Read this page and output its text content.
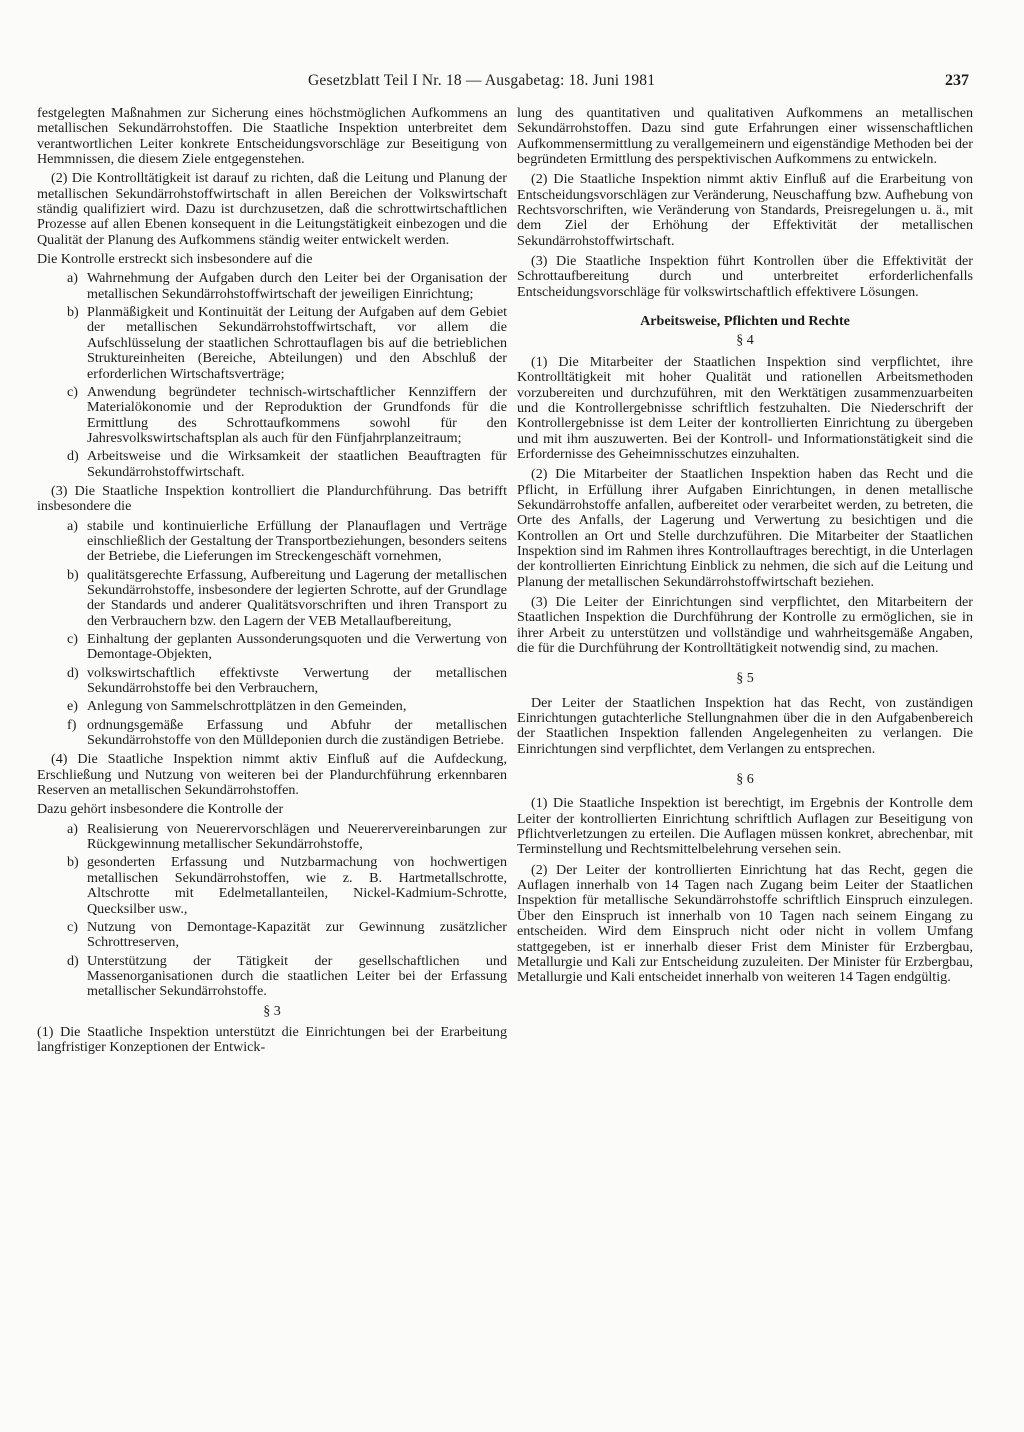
Gesetzblatt Teil I Nr. 18 — Ausgabetag: 18. Juni 1981	237

festgelegten Maßnahmen zur Sicherung eines höchstmöglichen Aufkommens an metallischen Sekundärrohstoffen. Die Staatliche Inspektion unterbreitet dem verantwortlichen Leiter konkrete Entscheidungsvorschläge zur Beseitigung von Hemmnissen, die diesem Ziele entgegenstehen.

(2) Die Kontrolltätigkeit ist darauf zu richten, daß die Leitung und Planung der metallischen Sekundärrohstoffwirtschaft in allen Bereichen der Volkswirtschaft ständig qualifiziert wird. Dazu ist durchzusetzen, daß die schrottwirtschaftlichen Prozesse auf allen Ebenen konsequent in die Leitungstätigkeit einbezogen und die Qualität der Planung des Aufkommens ständig weiter entwickelt werden.

Die Kontrolle erstreckt sich insbesondere auf die

a) Wahrnehmung der Aufgaben durch den Leiter bei der Organisation der metallischen Sekundärrohstoffwirtschaft der jeweiligen Einrichtung;
b) Planmäßigkeit und Kontinuität der Leitung der Aufgaben auf dem Gebiet der metallischen Sekundärrohstoffwirtschaft, vor allem die Aufschlüsselung der staatlichen Schrottauflagen bis auf die betrieblichen Struktureinheiten (Bereiche, Abteilungen) und den Abschluß der erforderlichen Wirtschaftsverträge;
c) Anwendung begründeter technisch-wirtschaftlicher Kennziffern der Materialökonomie und der Reproduktion der Grundfonds für die Ermittlung des Schrottaufkommens sowohl für den Jahresvolkswirtschaftsplan als auch für den Fünfjahrplanzeitraum;
d) Arbeitsweise und die Wirksamkeit der staatlichen Beauftragten für Sekundärrohstoffwirtschaft.

(3) Die Staatliche Inspektion kontrolliert die Plandurchführung. Das betrifft insbesondere die

a) stabile und kontinuierliche Erfüllung der Planauflagen und Verträge einschließlich der Gestaltung der Transportbeziehungen, besonders seitens der Betriebe, die Lieferungen im Streckengeschäft vornehmen,
b) qualitätsgerechte Erfassung, Aufbereitung und Lagerung der metallischen Sekundärrohstoffe, insbesondere der legierten Schrotte, auf der Grundlage der Standards und anderer Qualitätsvorschriften und ihren Transport zu den Verbrauchern bzw. den Lagern der VEB Metallaufbereitung,
c) Einhaltung der geplanten Aussonderungsquoten und die Verwertung von Demontage-Objekten,
d) volkswirtschaftlich effektivste Verwertung der metallischen Sekundärrohstoffe bei den Verbrauchern,
e) Anlegung von Sammelschrottplätzen in den Gemeinden,
f) ordnungsgemäße Erfassung und Abfuhr der metallischen Sekundärrohstoffe von den Mülldeponien durch die zuständigen Betriebe.

(4) Die Staatliche Inspektion nimmt aktiv Einfluß auf die Aufdeckung, Erschließung und Nutzung von weiteren bei der Plandurchführung erkennbaren Reserven an metallischen Sekundärrohstoffen.

Dazu gehört insbesondere die Kontrolle der

a) Realisierung von Neuerervorschlägen und Neuerervereinbarungen zur Rückgewinnung metallischer Sekundärrohstoffe,
b) gesonderten Erfassung und Nutzbarmachung von hochwertigen metallischen Sekundärrohstoffen, wie z. B. Hartmetallschrotte, Altschrotte mit Edelmetallanteilen, Nickel-Kadmium-Schrotte, Quecksilber usw.,
c) Nutzung von Demontage-Kapazität zur Gewinnung zusätzlicher Schrottreserven,
d) Unterstützung der Tätigkeit der gesellschaftlichen und Massenorganisationen durch die staatlichen Leiter bei der Erfassung metallischer Sekundärrohstoffe.
§ 3

(1) Die Staatliche Inspektion unterstützt die Einrichtungen bei der Erarbeitung langfristiger Konzeptionen der Entwick-

lung des quantitativen und qualitativen Aufkommens an metallischen Sekundärrohstoffen. Dazu sind gute Erfahrungen einer wissenschaftlichen Aufkommensermittlung zu verallgemeinern und eigenständige Methoden bei der begründeten Ermittlung des perspektivischen Aufkommens zu entwickeln.

(2) Die Staatliche Inspektion nimmt aktiv Einfluß auf die Erarbeitung von Entscheidungsvorschlägen zur Veränderung, Neuschaffung bzw. Aufhebung von Rechtsvorschriften, wie Veränderung von Standards, Preisregelungen u. ä., mit dem Ziel der Erhöhung der Effektivität der metallischen Sekundärrohstoffwirtschaft.

(3) Die Staatliche Inspektion führt Kontrollen über die Effektivität der Schrottaufbereitung durch und unterbreitet erforderlichenfalls Entscheidungsvorschläge für volkswirtschaftlich effektivere Lösungen.

Arbeitsweise, Pflichten und Rechte
§ 4

(1) Die Mitarbeiter der Staatlichen Inspektion sind verpflichtet, ihre Kontrolltätigkeit mit hoher Qualität und rationellen Arbeitsmethoden vorzubereiten und durchzuführen, mit den Werktätigen zusammenzuarbeiten und die Kontrollergebnisse schriftlich festzuhalten. Die Niederschrift der Kontrollergebnisse ist dem Leiter der kontrollierten Einrichtung zu übergeben und mit ihm auszuwerten. Bei der Kontroll- und Informationstätigkeit sind die Erfordernisse des Geheimnisschutzes einzuhalten.

(2) Die Mitarbeiter der Staatlichen Inspektion haben das Recht und die Pflicht, in Erfüllung ihrer Aufgaben Einrichtungen, in denen metallische Sekundärrohstoffe anfallen, aufbereitet oder verarbeitet werden, zu betreten, die Orte des Anfalls, der Lagerung und Verwertung zu besichtigen und die Kontrollen an Ort und Stelle durchzuführen. Die Mitarbeiter der Staatlichen Inspektion sind im Rahmen ihres Kontrollauftrages berechtigt, in die Unterlagen der kontrollierten Einrichtung Einblick zu nehmen, die sich auf die Leitung und Planung der metallischen Sekundärrohstoffwirtschaft beziehen.

(3) Die Leiter der Einrichtungen sind verpflichtet, den Mitarbeitern der Staatlichen Inspektion die Durchführung der Kontrolle zu ermöglichen, sie in ihrer Arbeit zu unterstützen und vollständige und wahrheitsgemäße Angaben, die für die Durchführung der Kontrolltätigkeit notwendig sind, zu machen.

§ 5

Der Leiter der Staatlichen Inspektion hat das Recht, von zuständigen Einrichtungen gutachterliche Stellungnahmen über die in den Aufgabenbereich der Staatlichen Inspektion fallenden Angelegenheiten zu verlangen. Die Einrichtungen sind verpflichtet, dem Verlangen zu entsprechen.

§ 6

(1) Die Staatliche Inspektion ist berechtigt, im Ergebnis der Kontrolle dem Leiter der kontrollierten Einrichtung schriftlich Auflagen zur Beseitigung von Pflichtverletzungen zu erteilen. Die Auflagen müssen konkret, abrechenbar, mit Terminstellung und Rechtsmittelbelehrung versehen sein.

(2) Der Leiter der kontrollierten Einrichtung hat das Recht, gegen die Auflagen innerhalb von 14 Tagen nach Zugang beim Leiter der Staatlichen Inspektion für metallische Sekundärrohstoffe schriftlich Einspruch einzulegen. Über den Einspruch ist innerhalb von 10 Tagen nach seinem Eingang zu entscheiden. Wird dem Einspruch nicht oder nicht in vollem Umfang stattgegeben, ist er innerhalb dieser Frist dem Minister für Erzbergbau, Metallurgie und Kali zur Entscheidung zuzuleiten. Der Minister für Erzbergbau, Metallurgie und Kali entscheidet innerhalb von weiteren 14 Tagen endgültig.
